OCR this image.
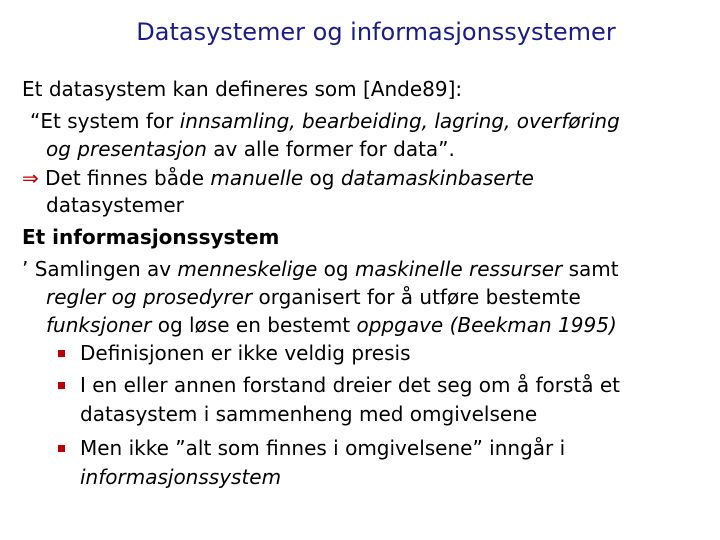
Datasystemer og informasjonssystemer
Et datasystem kan defineres som [Ande89]:
“Et system for innsamling, bearbeiding, lagring, overføring
og presentasjon av alle former for data”.
⇒ Det finnes både manuelle og datamaskinbaserte
datasystemer
Et informasjonssystem
’ Samlingen av menneskelige og maskinelle ressurser samt
regler og prosedyrer organisert for å utføre bestemte
funksjoner og løse en bestemt oppgave (Beekman 1995)
Definisjonen er ikke veldig presis
I en eller annen forstand dreier det seg om å forstå et
datasystem i sammenheng med omgivelsene
Men ikke ”alt som finnes i omgivelsene” inngår i
informasjonssystem
